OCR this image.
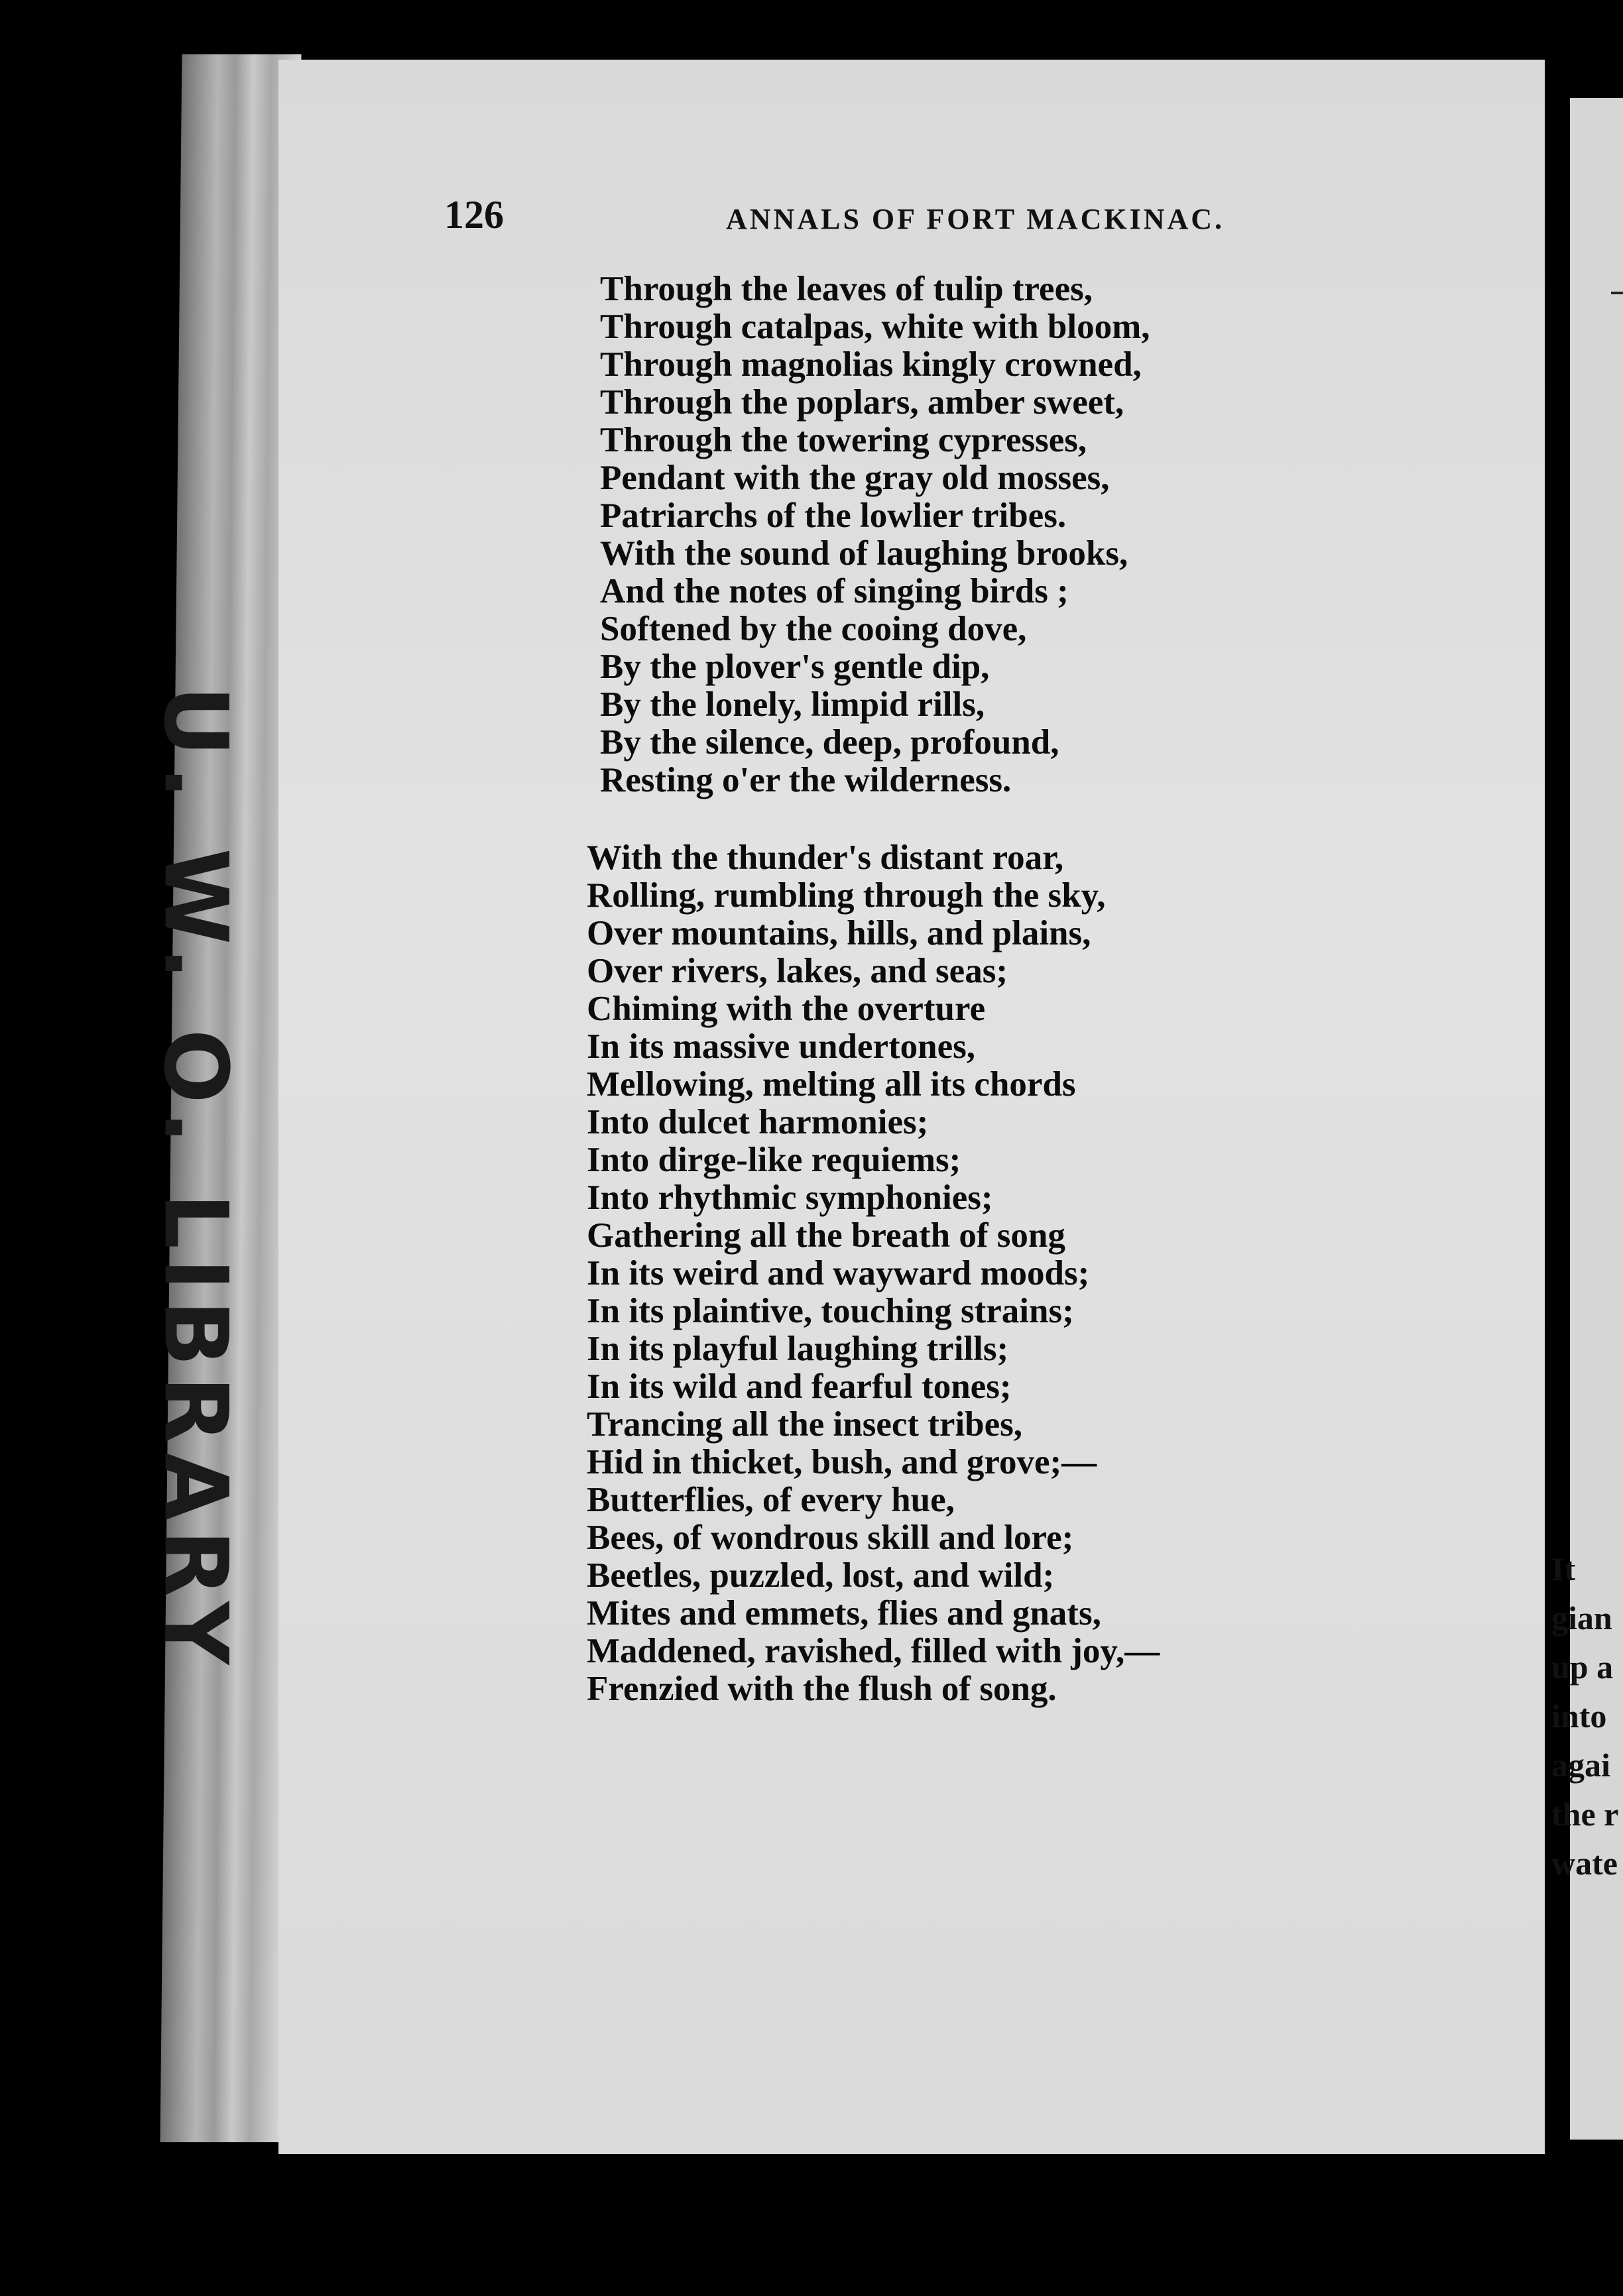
U. W. O. LIBRARY
126	ANNALS OF FORT MACKINAC.
Through the leaves of tulip trees,
Through catalpas, white with bloom,
Through magnolias kingly crowned,
Through the poplars, amber sweet,
Through the towering cypresses,
Pendant with the gray old mosses,
Patriarchs of the lowlier tribes.
With the sound of laughing brooks,
And the notes of singing birds ;
Softened by the cooing dove,
By the plover's gentle dip,
By the lonely, limpid rills,
By the silence, deep, profound,
Resting o'er the wilderness.
With the thunder's distant roar,
Rolling, rumbling through the sky,
Over mountains, hills, and plains,
Over rivers, lakes, and seas;
Chiming with the overture
In its massive undertones,
Mellowing, melting all its chords
Into dulcet harmonies;
Into dirge-like requiems;
Into rhythmic symphonies;
Gathering all the breath of song
In its weird and wayward moods;
In its plaintive, touching strains;
In its playful laughing trills;
In its wild and fearful tones;
Trancing all the insect tribes,
Hid in thicket, bush, and grove;—
Butterflies, of every hue,
Bees, of wondrous skill and lore;
Beetles, puzzled, lost, and wild;
Mites and emmets, flies and gnats,
Maddened, ravished, filled with joy,—
Frenzied with the flush of song.
It
gian
up a
into
agai
the r
wate
